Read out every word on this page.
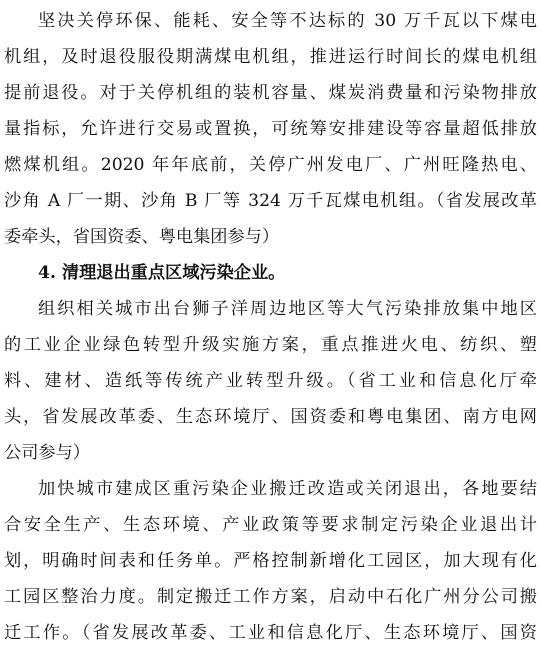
坚决关停环保、能耗、安全等不达标的 30 万千瓦以下煤电
机组，及时退役服役期满煤电机组，推进运行时间长的煤电机组
提前退役。对于关停机组的装机容量、煤炭消费量和污染物排放
量指标，允许进行交易或置换，可统筹安排建设等容量超低排放
燃煤机组。2020 年年底前，关停广州发电厂、广州旺隆热电、
沙角 A 厂一期、沙角 B 厂等 324 万千瓦煤电机组。（省发展改革
委牵头，省国资委、粤电集团参与）
4. 清理退出重点区域污染企业。
组织相关城市出台狮子洋周边地区等大气污染排放集中地区
的工业企业绿色转型升级实施方案，重点推进火电、纺织、塑
料、建材、造纸等传统产业转型升级。（省工业和信息化厅牵
头，省发展改革委、生态环境厅、国资委和粤电集团、南方电网
公司参与）
加快城市建成区重污染企业搬迁改造或关闭退出，各地要结
合安全生产、生态环境、产业政策等要求制定污染企业退出计
划，明确时间表和任务单。严格控制新增化工园区，加大现有化
工园区整治力度。制定搬迁工作方案，启动中石化广州分公司搬
迁工作。（省发展改革委、工业和信息化厅、生态环境厅、国资
